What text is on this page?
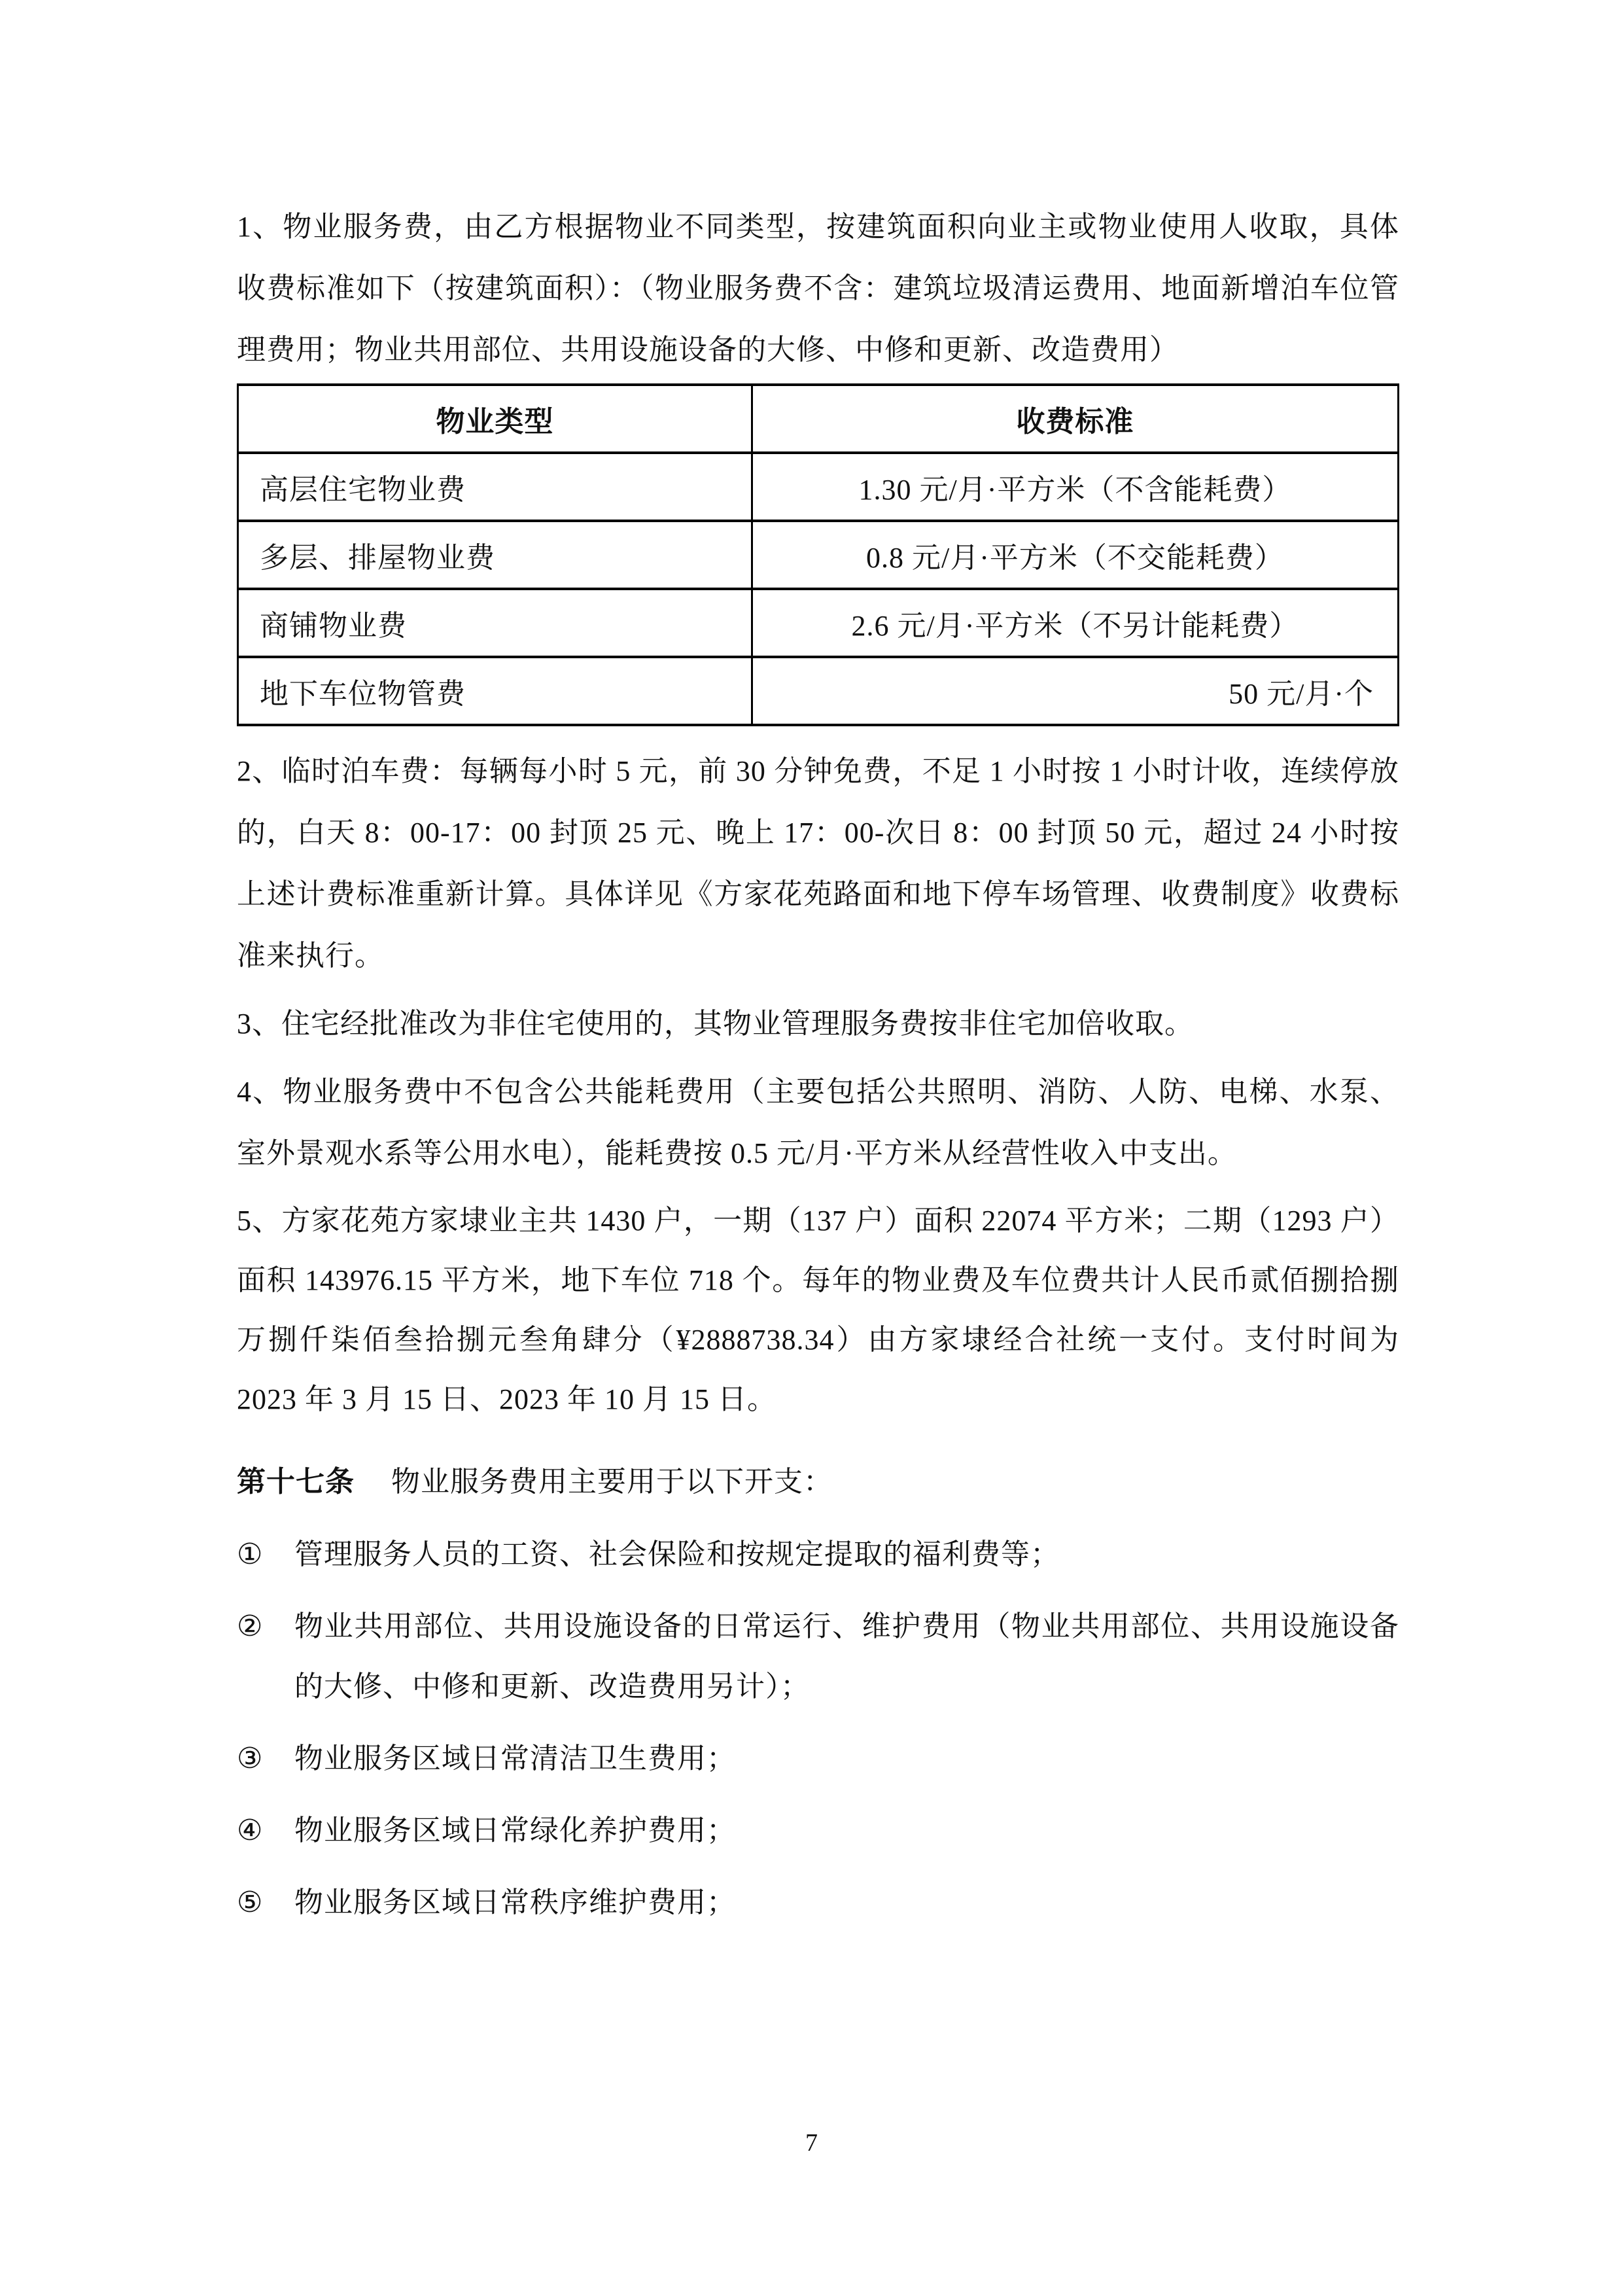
1、物业服务费，由乙方根据物业不同类型，按建筑面积向业主或物业使用人收取，具体收费标准如下（按建筑面积）：（物业服务费不含：建筑垃圾清运费用、地面新增泊车位管理费用；物业共用部位、共用设施设备的大修、中修和更新、改造费用）

物业类型	收费标准
高层住宅物业费	1.30 元/月·平方米（不含能耗费）
多层、排屋物业费	0.8 元/月·平方米（不交能耗费）
商铺物业费	2.6 元/月·平方米（不另计能耗费）
地下车位物管费	50 元/月·个

2、临时泊车费：每辆每小时 5 元，前 30 分钟免费，不足 1 小时按 1 小时计收，连续停放的，白天 8：00-17：00 封顶 25 元、晚上 17：00-次日 8：00 封顶 50 元，超过 24 小时按上述计费标准重新计算。具体详见《方家花苑路面和地下停车场管理、收费制度》收费标准来执行。

3、住宅经批准改为非住宅使用的，其物业管理服务费按非住宅加倍收取。

4、物业服务费中不包含公共能耗费用（主要包括公共照明、消防、人防、电梯、水泵、室外景观水系等公用水电），能耗费按 0.5 元/月·平方米从经营性收入中支出。

5、方家花苑方家埭业主共 1430 户，一期（137 户）面积 22074 平方米；二期（1293 户）面积 143976.15 平方米，地下车位 718 个。每年的物业费及车位费共计人民币贰佰捌拾捌万捌仟柒佰叁拾捌元叁角肆分（¥2888738.34）由方家埭经合社统一支付。支付时间为 2023 年 3 月 15 日、2023 年 10 月 15 日。

第十七条 物业服务费用主要用于以下开支：

①	管理服务人员的工资、社会保险和按规定提取的福利费等；
②	物业共用部位、共用设施设备的日常运行、维护费用（物业共用部位、共用设施设备的大修、中修和更新、改造费用另计）；
③	物业服务区域日常清洁卫生费用；
④	物业服务区域日常绿化养护费用；
⑤	物业服务区域日常秩序维护费用；
7
